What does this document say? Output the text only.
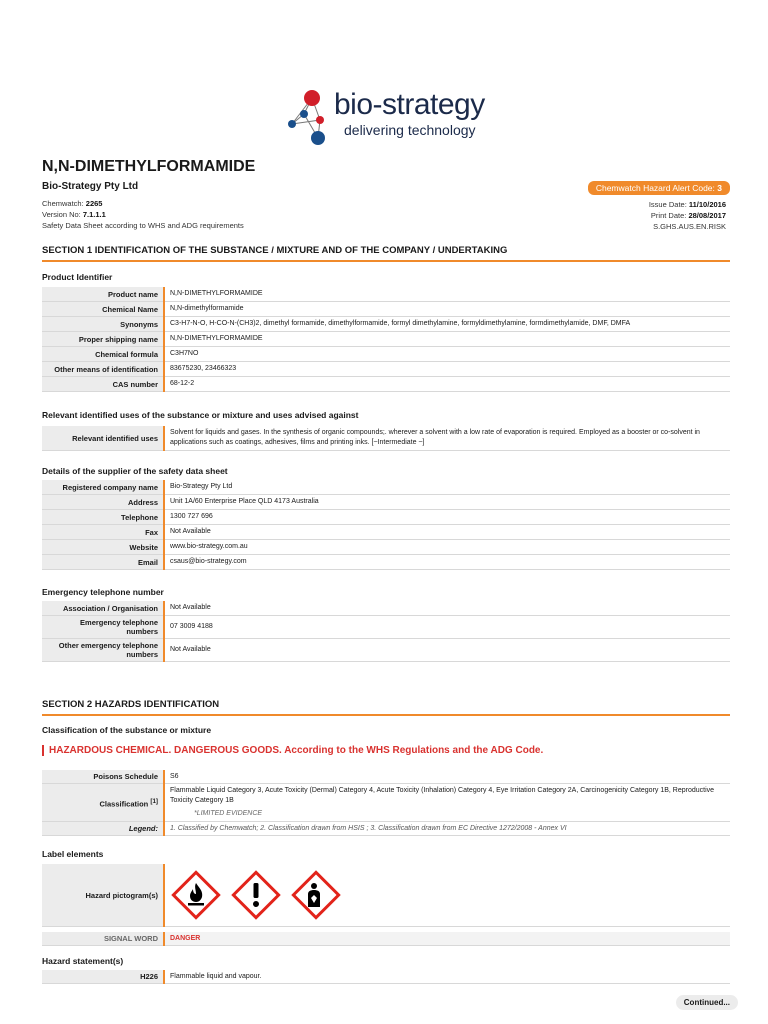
bio-strategy
delivering technology
N,N-DIMETHYLFORMAMIDE
Bio-Strategy Pty Ltd
Chemwatch: 2265
Version No: 7.1.1.1
Safety Data Sheet according to WHS and ADG requirements
Chemwatch Hazard Alert Code: 3
Issue Date: 11/10/2016
Print Date: 28/08/2017
S.GHS.AUS.EN.RISK
SECTION 1 IDENTIFICATION OF THE SUBSTANCE / MIXTURE AND OF THE COMPANY / UNDERTAKING
Product Identifier
Product name	N,N-DIMETHYLFORMAMIDE
Chemical Name	N,N-dimethylformamide
Synonyms	C3-H7-N-O, H-CO-N-(CH3)2, dimethyl formamide, dimethylformamide, formyl dimethylamine, formyldimethylamine, formdimethylamide, DMF, DMFA
Proper shipping name	N,N-DIMETHYLFORMAMIDE
Chemical formula	C3H7NO
Other means of identification	83675230, 23466323
CAS number	68-12-2
Relevant identified uses of the substance or mixture and uses advised against
Relevant identified uses	Solvent for liquids and gases. In the synthesis of organic compounds;. wherever a solvent with a low rate of evaporation is required. Employed as a booster or co-solvent in applications such as coatings, adhesives, films and printing inks. [~Intermediate ~]
Details of the supplier of the safety data sheet
Registered company name	Bio-Strategy Pty Ltd
Address	Unit 1A/60 Enterprise Place QLD 4173 Australia
Telephone	1300 727 696
Fax	Not Available
Website	www.bio-strategy.com.au
Email	csaus@bio-strategy.com
Emergency telephone number
Association / Organisation	Not Available
Emergency telephone numbers	07 3009 4188
Other emergency telephone numbers	Not Available
SECTION 2 HAZARDS IDENTIFICATION
Classification of the substance or mixture
HAZARDOUS CHEMICAL. DANGEROUS GOODS. According to the WHS Regulations and the ADG Code.
Poisons Schedule	S6
Classification [1]	Flammable Liquid Category 3, Acute Toxicity (Dermal) Category 4, Acute Toxicity (Inhalation) Category 4, Eye Irritation Category 2A, Carcinogenicity Category 1B, Reproductive Toxicity Category 1B
*LIMITED EVIDENCE

Legend:	1. Classified by Chemwatch; 2. Classification drawn from HSIS ; 3. Classification drawn from EC Directive 1272/2008 - Annex VI
Label elements
Hazard pictogram(s)	
SIGNAL WORD	DANGER
Hazard statement(s)
H226	Flammable liquid and vapour.
Continued...
